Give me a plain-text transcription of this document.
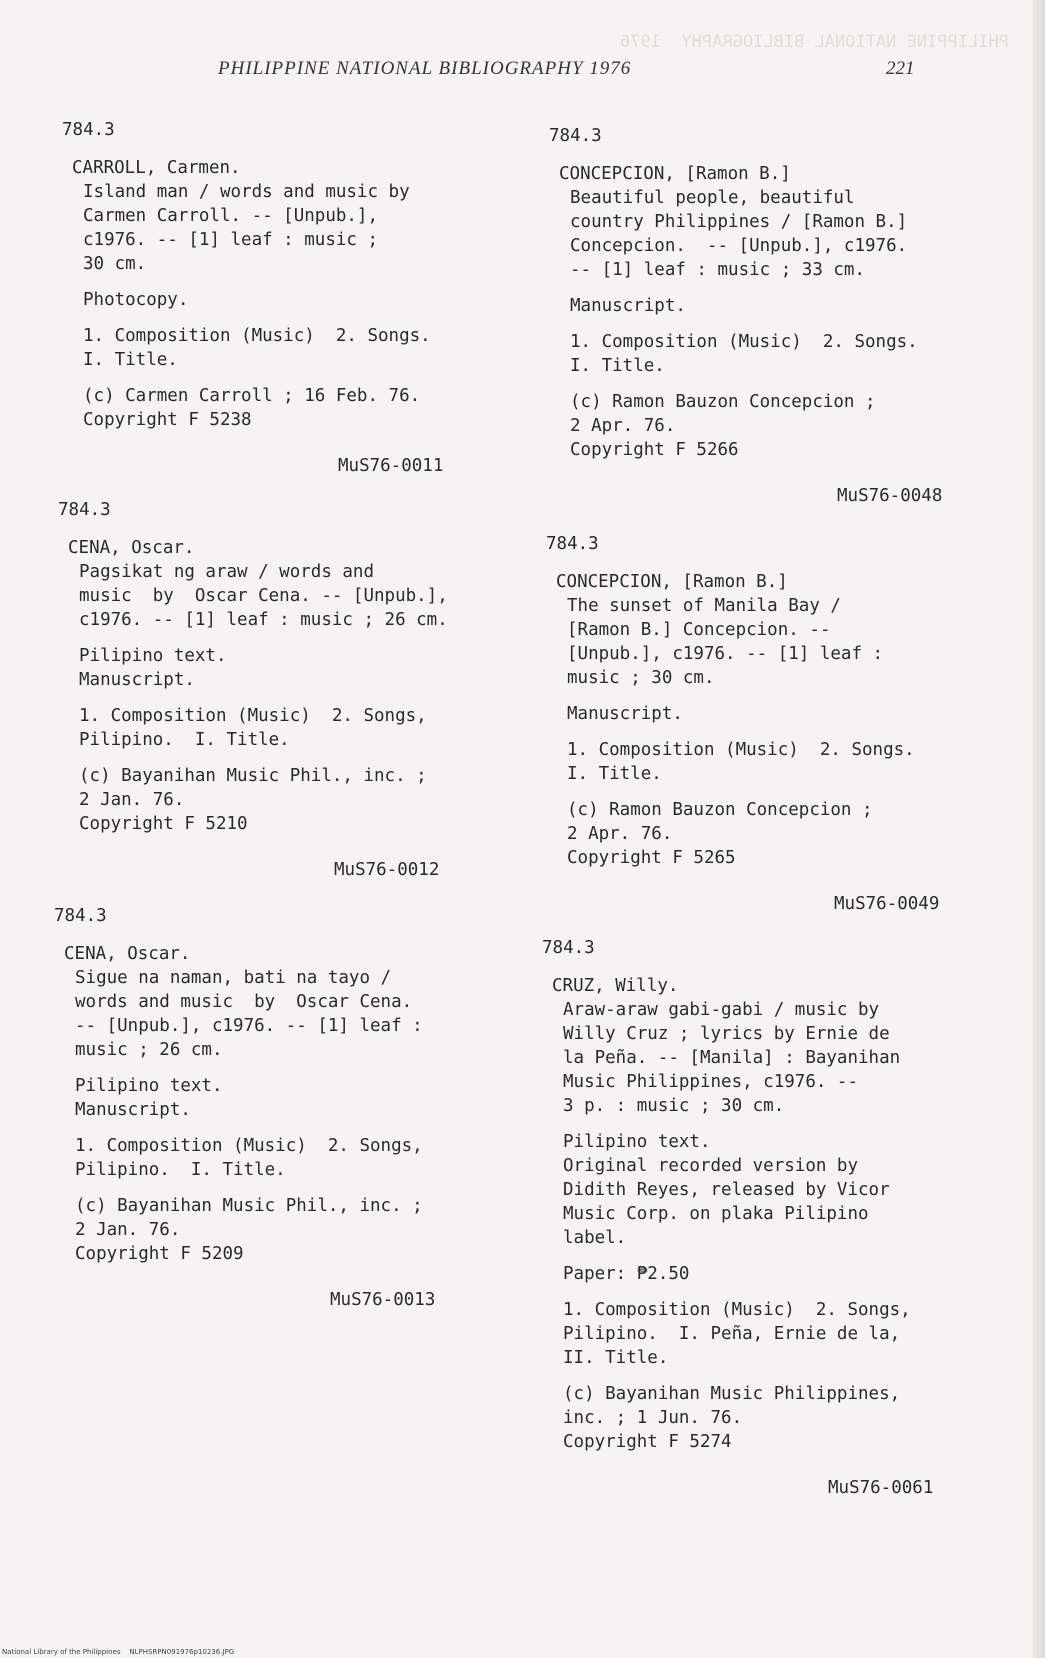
PHILIPPINE NATIONAL BIBLIOGRAPHY  1976
PHILIPPINE NATIONAL BIBLIOGRAPHY 1976	221
784.3
CARROLL, Carmen.
Island man / words and music by
Carmen Carroll. -- [Unpub.],
c1976. -- [1] leaf : music ;
30 cm.
Photocopy.
1. Composition (Music)  2. Songs.
I. Title.
(c) Carmen Carroll ; 16 Feb. 76.
Copyright F 5238
MuS76-0011
784.3
CENA, Oscar.
Pagsikat ng araw / words and
music  by  Oscar Cena. -- [Unpub.],
c1976. -- [1] leaf : music ; 26 cm.
Pilipino text.
Manuscript.
1. Composition (Music)  2. Songs,
Pilipino.  I. Title.
(c) Bayanihan Music Phil., inc. ;
2 Jan. 76.
Copyright F 5210
MuS76-0012
784.3
CENA, Oscar.
Sigue na naman, bati na tayo /
words and music  by  Oscar Cena.
-- [Unpub.], c1976. -- [1] leaf :
music ; 26 cm.
Pilipino text.
Manuscript.
1. Composition (Music)  2. Songs,
Pilipino.  I. Title.
(c) Bayanihan Music Phil., inc. ;
2 Jan. 76.
Copyright F 5209
MuS76-0013
784.3
CONCEPCION, [Ramon B.]
Beautiful people, beautiful
country Philippines / [Ramon B.]
Concepcion.  -- [Unpub.], c1976.
-- [1] leaf : music ; 33 cm.
Manuscript.
1. Composition (Music)  2. Songs.
I. Title.
(c) Ramon Bauzon Concepcion ;
2 Apr. 76.
Copyright F 5266
MuS76-0048
784.3
CONCEPCION, [Ramon B.]
The sunset of Manila Bay /
[Ramon B.] Concepcion. --
[Unpub.], c1976. -- [1] leaf :
music ; 30 cm.
Manuscript.
1. Composition (Music)  2. Songs.
I. Title.
(c) Ramon Bauzon Concepcion ;
2 Apr. 76.
Copyright F 5265
MuS76-0049
784.3
CRUZ, Willy.
Araw-araw gabi-gabi / music by
Willy Cruz ; lyrics by Ernie de
la Peña. -- [Manila] : Bayanihan
Music Philippines, c1976. --
3 p. : music ; 30 cm.
Pilipino text.
Original recorded version by
Didith Reyes, released by Vicor
Music Corp. on plaka Pilipino
label.
Paper: ₱2.50
1. Composition (Music)  2. Songs,
Pilipino.  I. Peña, Ernie de la,
II. Title.
(c) Bayanihan Music Philippines,
inc. ; 1 Jun. 76.
Copyright F 5274
MuS76-0061
National Library of the Philippines    NLPHSRPN091976p10236.JPG
